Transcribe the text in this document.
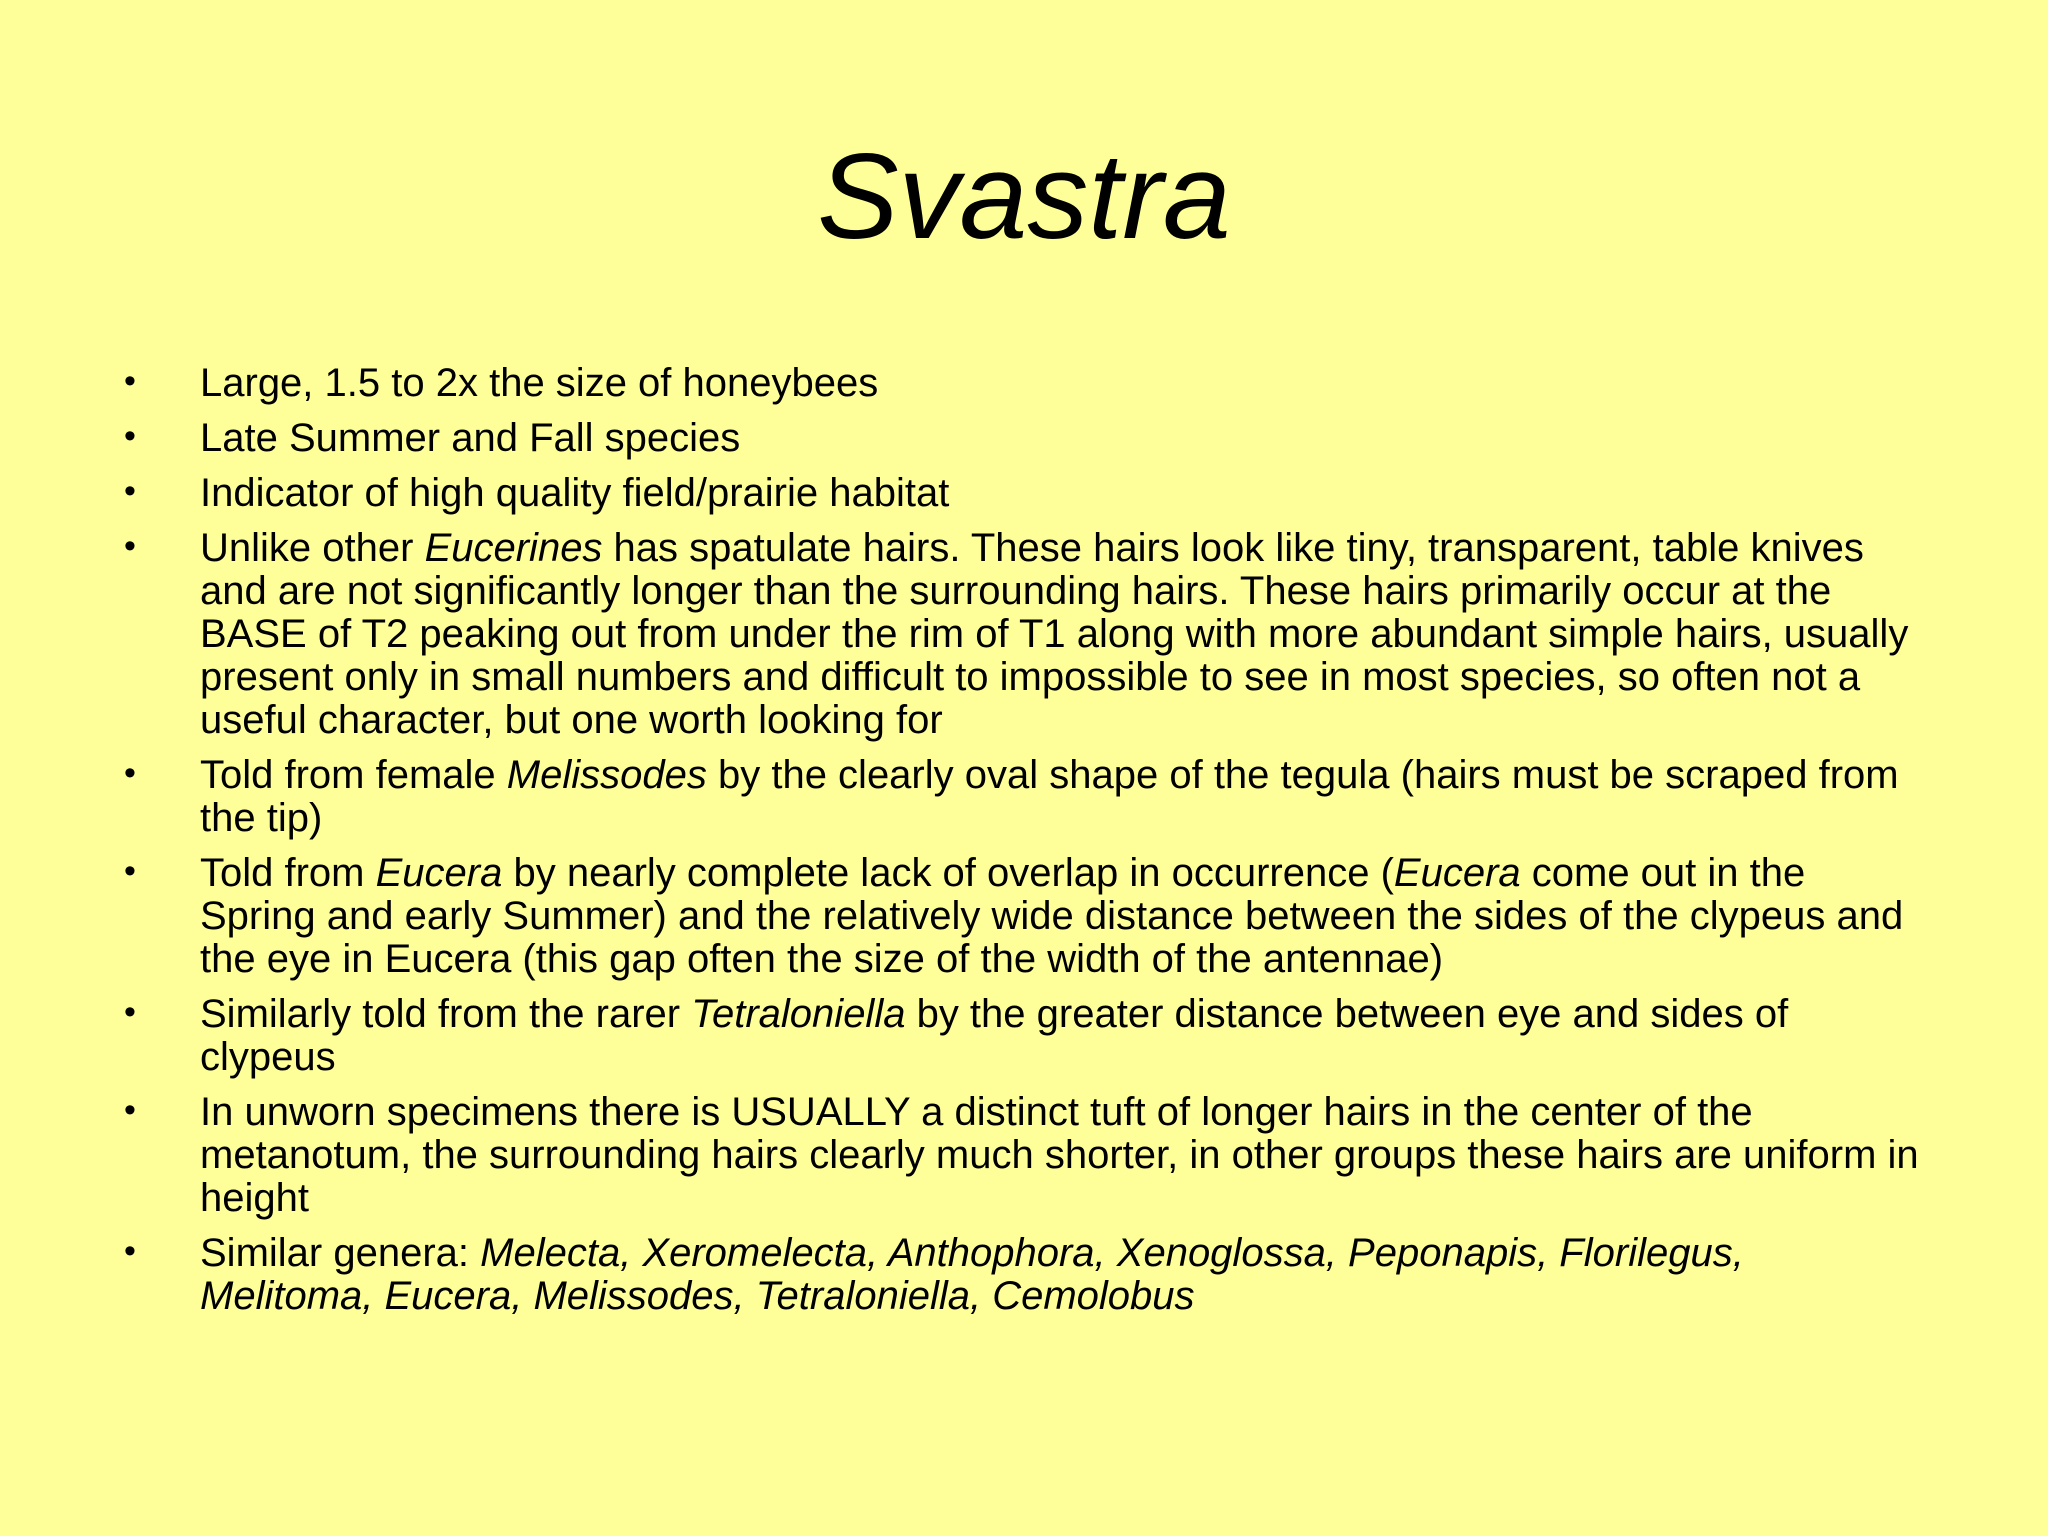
Svastra
• Large, 1.5 to 2x the size of honeybees
• Late Summer and Fall species
• Indicator of high quality field/prairie habitat
• Unlike other Eucerines has spatulate hairs. These hairs look like tiny, transparent, table knives and are not significantly longer than the surrounding hairs. These hairs primarily occur at the BASE of T2 peaking out from under the rim of T1 along with more abundant simple hairs, usually present only in small numbers and difficult to impossible to see in most species, so often not a useful character, but one worth looking for
• Told from female Melissodes by the clearly oval shape of the tegula (hairs must be scraped from the tip)
• Told from Eucera by nearly complete lack of overlap in occurrence (Eucera come out in the Spring and early Summer) and the relatively wide distance between the sides of the clypeus and the eye in Eucera (this gap often the size of the width of the antennae)
• Similarly told from the rarer Tetraloniella by the greater distance between eye and sides of clypeus
• In unworn specimens there is USUALLY a distinct tuft of longer hairs in the center of the metanotum, the surrounding hairs clearly much shorter, in other groups these hairs are uniform in height
• Similar genera: Melecta, Xeromelecta, Anthophora, Xenoglossa, Peponapis, Florilegus, Melitoma, Eucera, Melissodes, Tetraloniella, Cemolobus
